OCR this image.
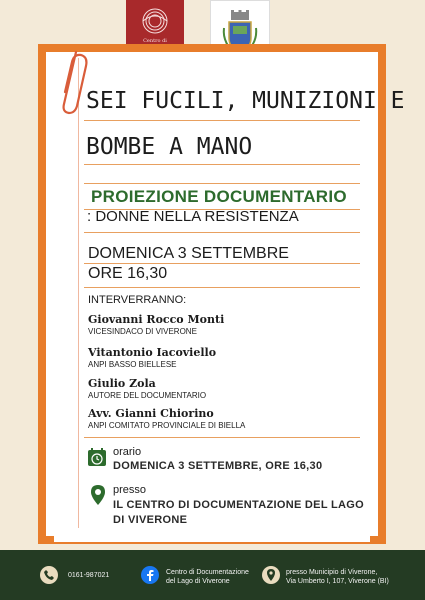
Centro di

SEI FUCILI, MUNIZIONI E
BOMBE A MANO
PROIEZIONE DOCUMENTARIO
: DONNE NELLA RESISTENZA
DOMENICA 3 SETTEMBRE
ORE 16,30
INTERVERRANNO:
Giovanni Rocco Monti
VICESINDACO DI VIVERONE
Vitantonio Iacoviello
ANPI BASSO BIELLESE
Giulio Zola
AUTORE DEL DOCUMENTARIO
Avv. Gianni Chiorino
ANPI COMITATO PROVINCIALE DI BIELLA
orario
DOMENICA 3 SETTEMBRE, ORE 16,30
presso
IL CENTRO DI DOCUMENTAZIONE DEL LAGO
DI VIVERONE
0161-987021	Centro di Documentazione
del Lago di Viverone
presso Municipio di Viverone,
Via Umberto I, 107, Viverone (BI)
